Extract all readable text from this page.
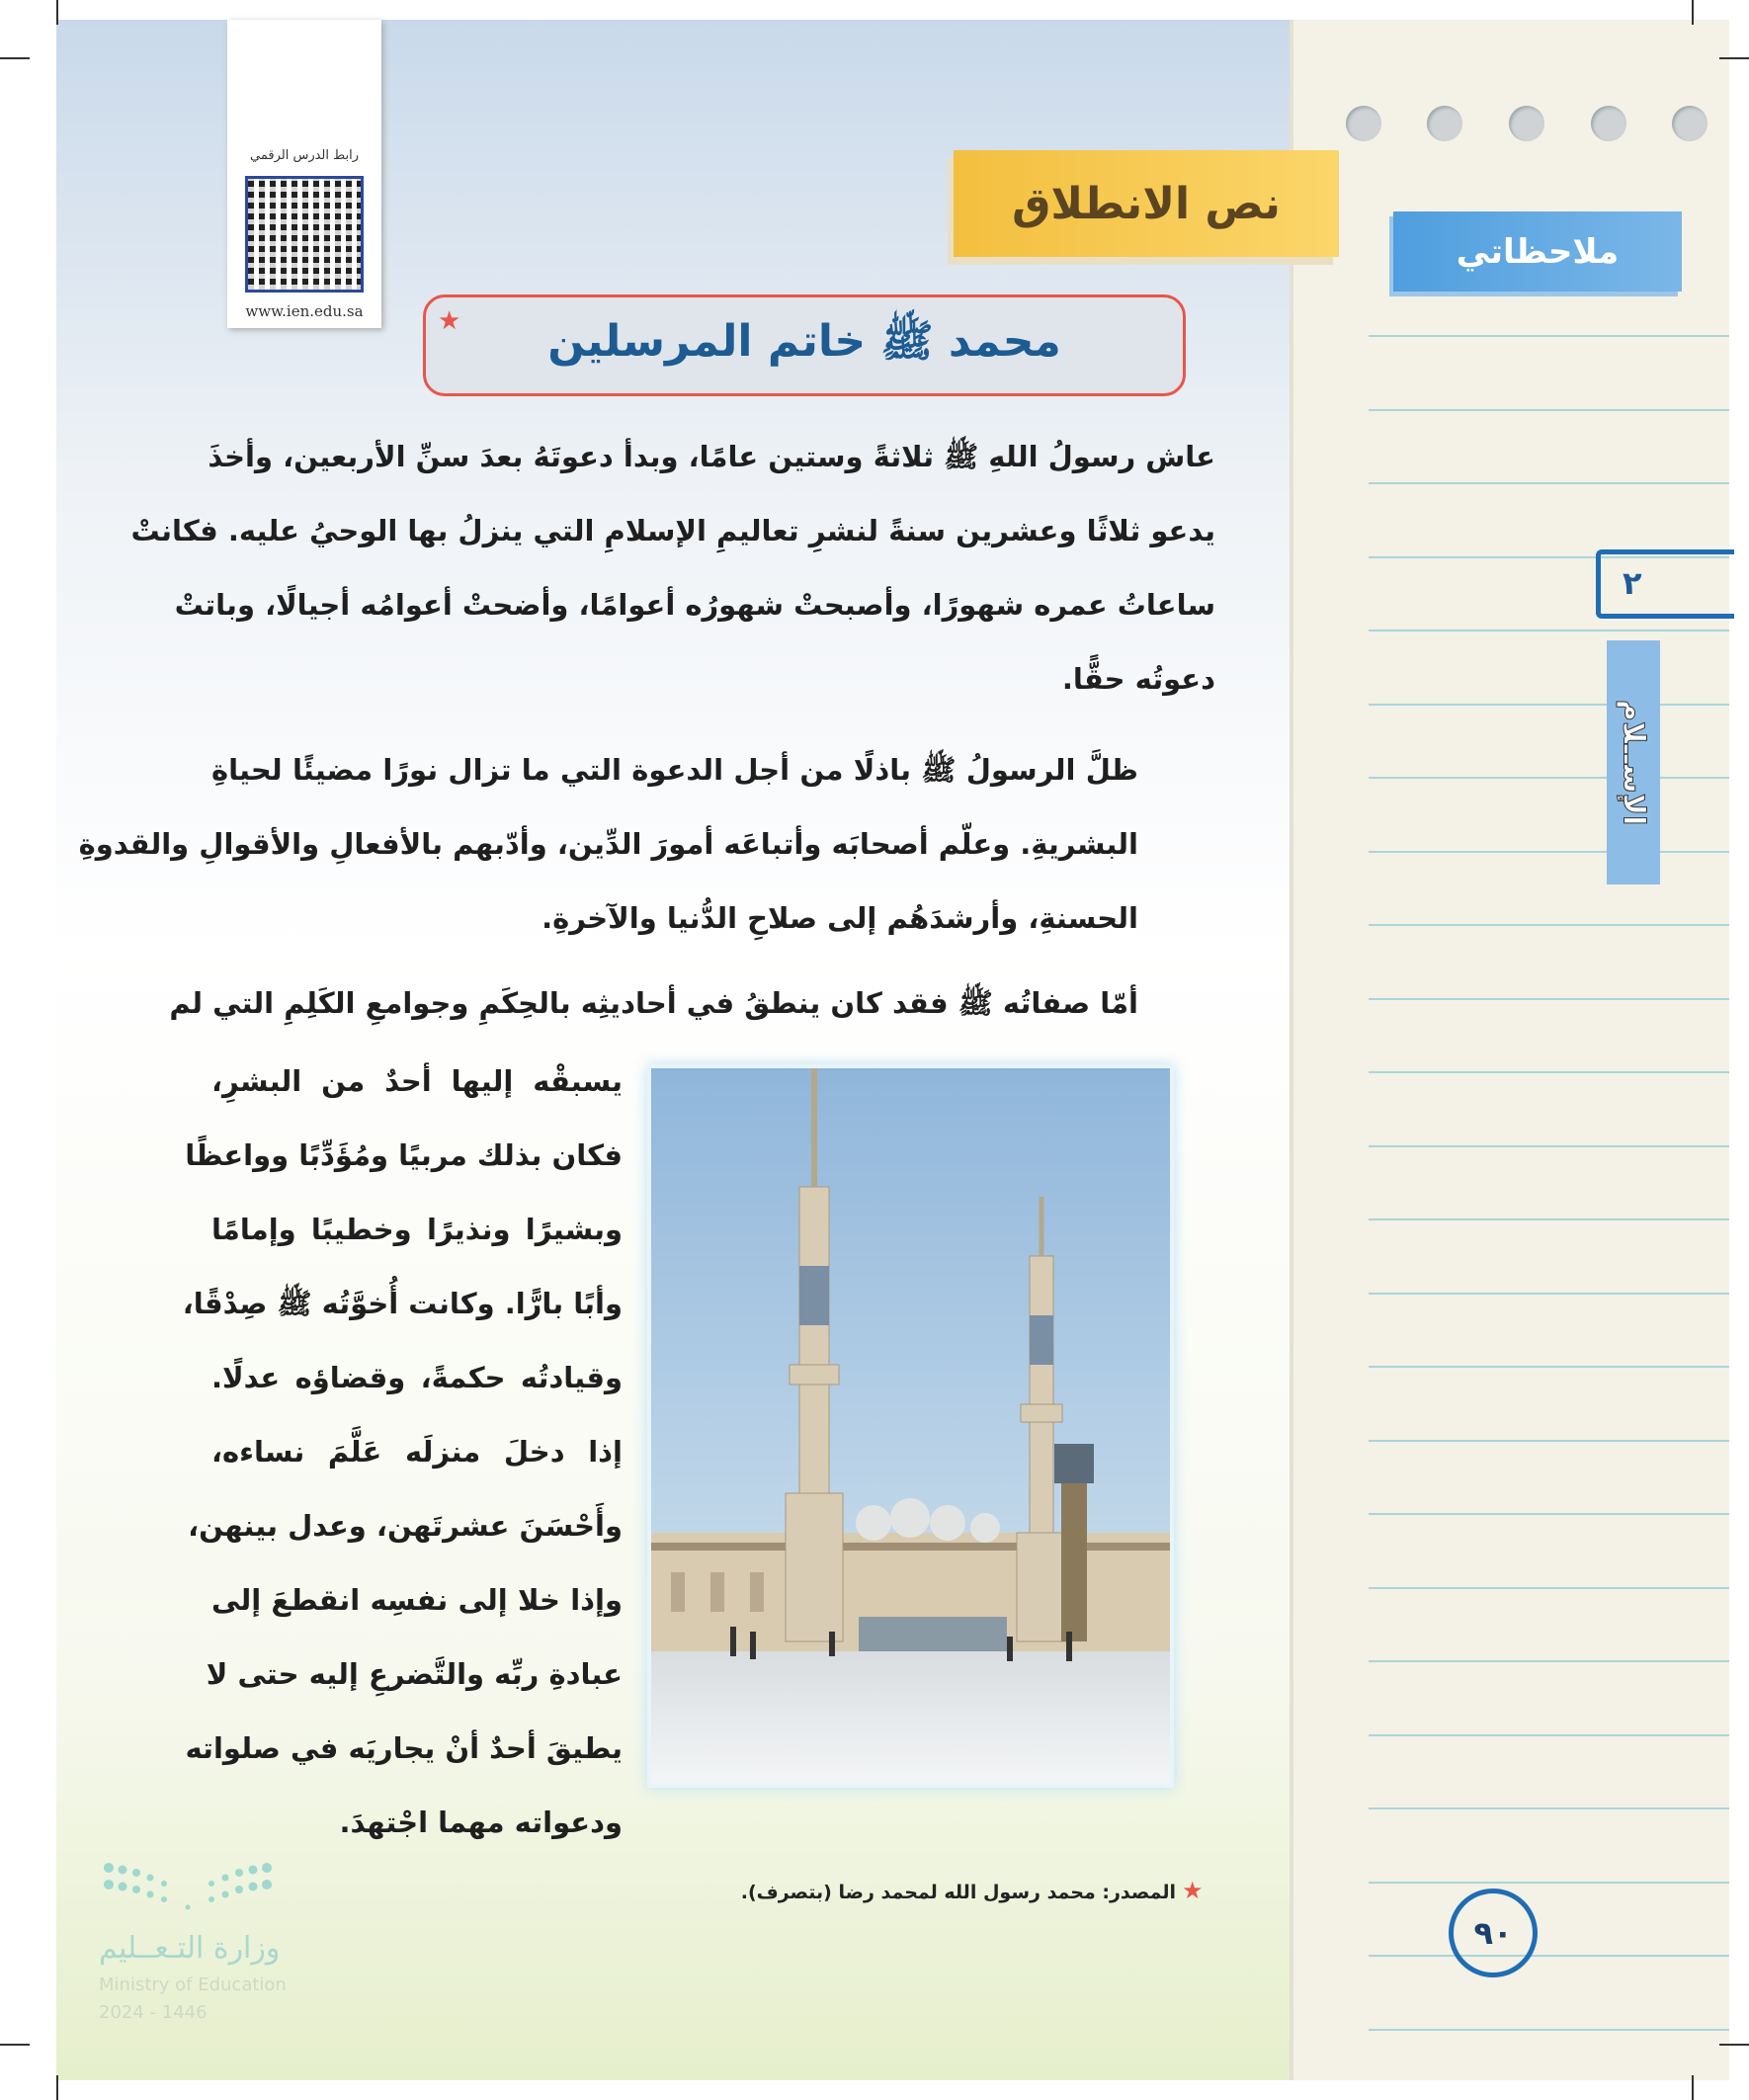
رابط الدرس الرقمي
www.ien.edu.sa
نص الانطلاق
ملاحظاتي
محمد ﷺ خاتم المرسلين
★
عاش رسولُ اللهِ ﷺ ثلاثةً وستين عامًا، وبدأ دعوتَهُ بعدَ سنِّ الأربعين، وأخذَ
يدعو ثلاثًا وعشرين سنةً لنشرِ تعاليمِ الإسلامِ التي ينزلُ بها الوحيُ عليه. فكانتْ
ساعاتُ عمره شهورًا، وأصبحتْ شهورُه أعوامًا، وأضحتْ أعوامُه أجيالًا، وباتتْ
دعوتُه حقًّا.
ظلَّ الرسولُ ﷺ باذلًا من أجل الدعوة التي ما تزال نورًا مضيئًا لحياةِ
البشريةِ. وعلّم أصحابَه وأتباعَه أمورَ الدِّين، وأدّبهم بالأفعالِ والأقوالِ والقدوةِ
الحسنةِ، وأرشدَهُم إلى صلاحِ الدُّنيا والآخرةِ.
أمّا صفاتُه ﷺ فقد كان ينطقُ في أحاديثِه بالحِكَمِ وجوامعِ الكَلِمِ التي لم
يسبقْه إليها أحدٌ من البشرِ،
فكان بذلك مربيًا ومُؤَدِّبًا وواعظًا
وبشيرًا ونذيرًا وخطيبًا وإمامًا
وأبًا بارًّا. وكانت أُخوَّتُه ﷺ صِدْقًا،
وقيادتُه حكمةً، وقضاؤه عدلًا.
إذا دخلَ منزلَه عَلَّمَ نساءه،
وأَحْسَنَ عشرتَهن، وعدل بينهن،
وإذا خلا إلى نفسِه انقطعَ إلى
عبادةِ ربِّه والتَّضرعِ إليه حتى لا
يطيقَ أحدٌ أنْ يجاريَه في صلواته
ودعواته مهما اجْتهدَ.
★
المصدر: محمد رسول الله لمحمد رضا (بتصرف).
وزارة التـعــليم
Ministry of Education
2024 - 1446
٩٠
٢
الإســلام
